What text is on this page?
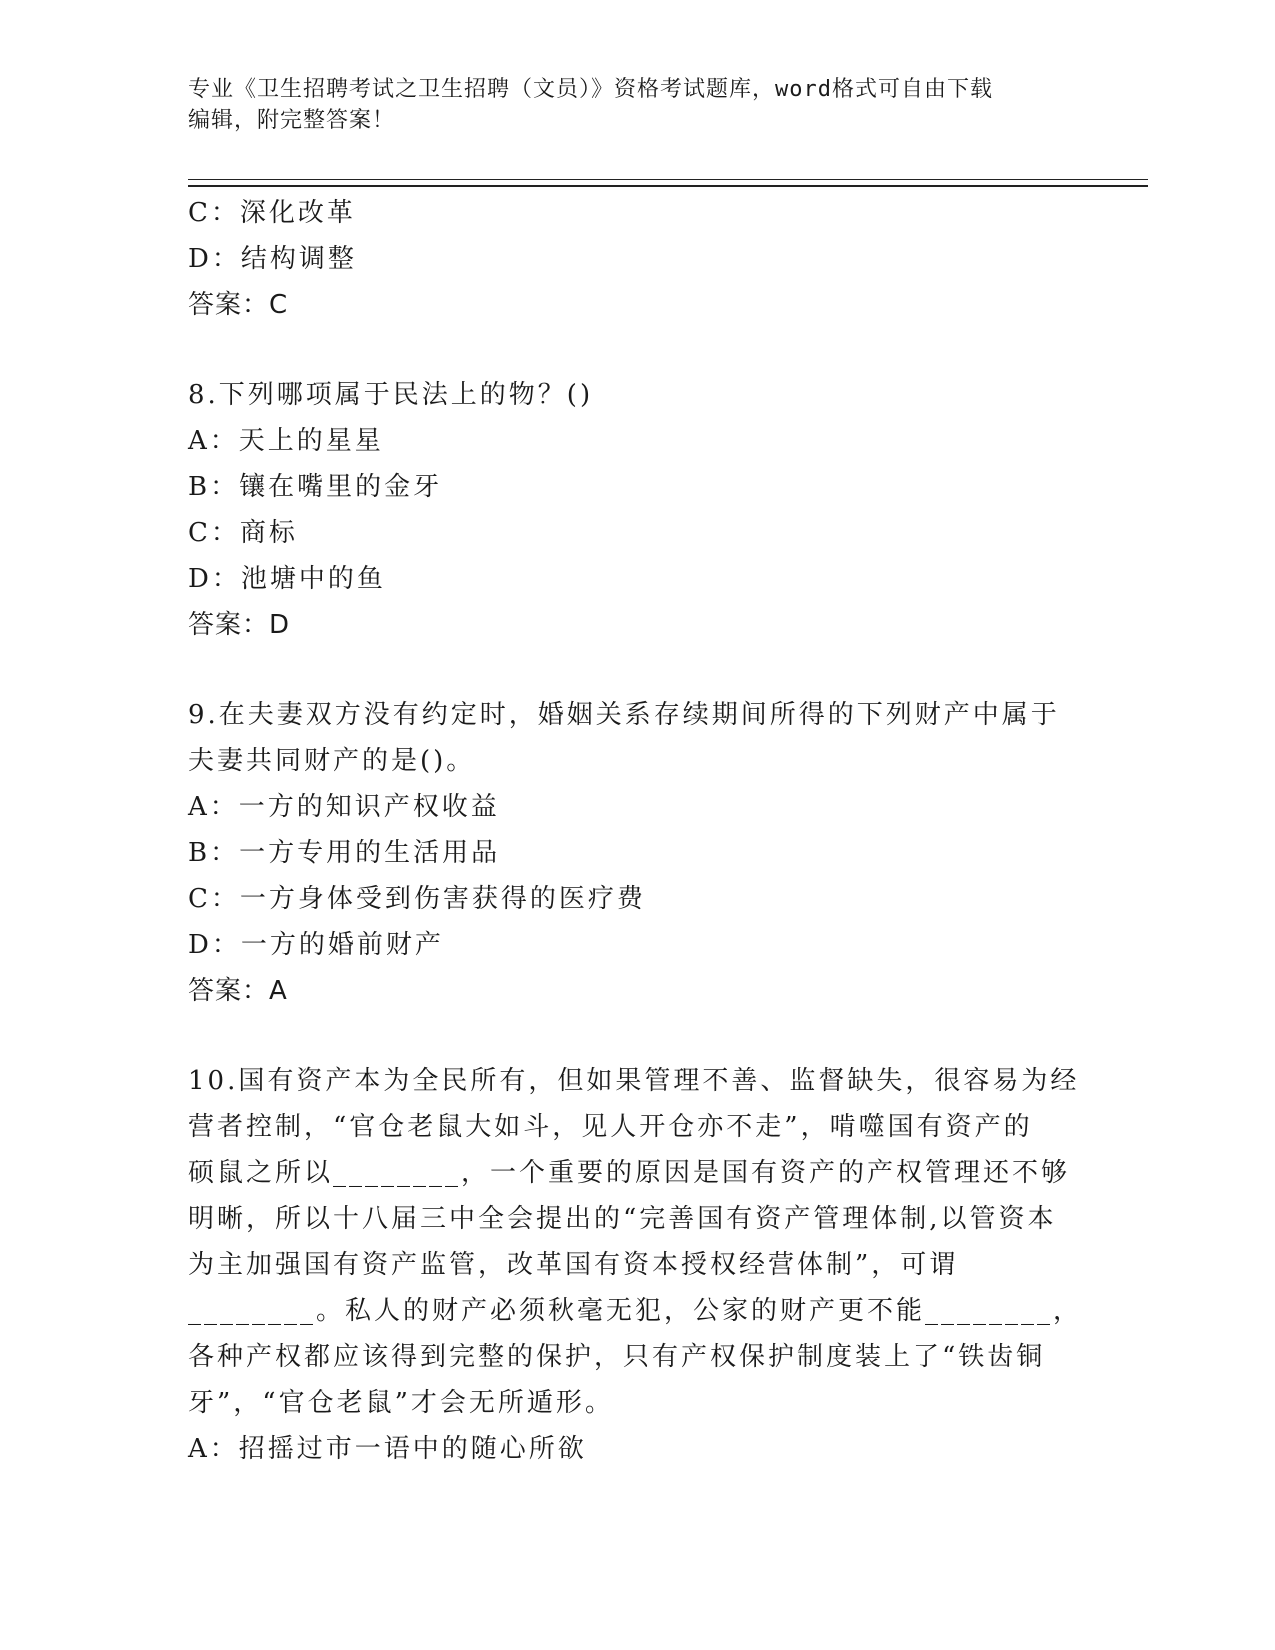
专业《卫生招聘考试之卫生招聘（文员）》资格考试题库，word格式可自由下载
编辑，附完整答案！
C：深化改革
D：结构调整
答案：C
8.下列哪项属于民法上的物？()
A：天上的星星
B：镶在嘴里的金牙
C：商标
D：池塘中的鱼
答案：D
9.在夫妻双方没有约定时，婚姻关系存续期间所得的下列财产中属于
夫妻共同财产的是()。
A：一方的知识产权收益
B：一方专用的生活用品
C：一方身体受到伤害获得的医疗费
D：一方的婚前财产
答案：A
10.国有资产本为全民所有，但如果管理不善、监督缺失，很容易为经
营者控制，“官仓老鼠大如斗，见人开仓亦不走”，啃噬国有资产的
硕鼠之所以________，一个重要的原因是国有资产的产权管理还不够
明晰，所以十八届三中全会提出的“完善国有资产管理体制,以管资本
为主加强国有资产监管，改革国有资本授权经营体制”，可谓
________。私人的财产必须秋毫无犯，公家的财产更不能________，
各种产权都应该得到完整的保护，只有产权保护制度装上了“铁齿铜
牙”，“官仓老鼠”才会无所遁形。
A：招摇过市一语中的随心所欲
